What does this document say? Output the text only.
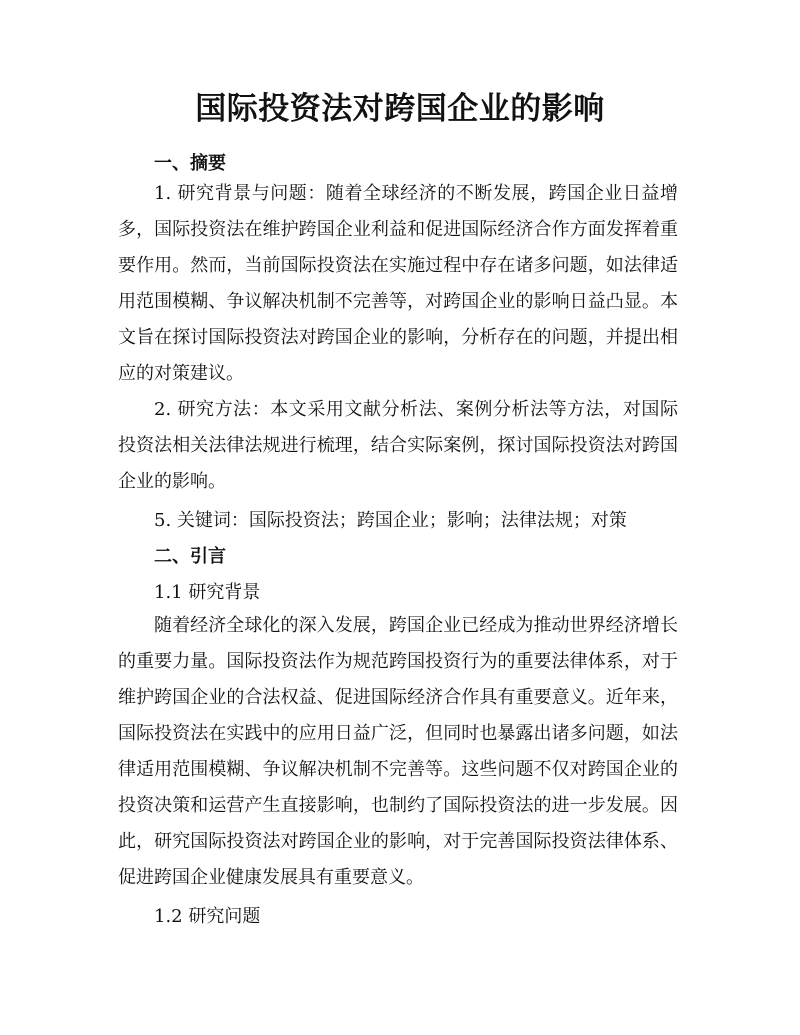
国际投资法对跨国企业的影响
一、摘要
1. 研究背景与问题：随着全球经济的不断发展，跨国企业日益增多，国际投资法在维护跨国企业利益和促进国际经济合作方面发挥着重要作用。然而，当前国际投资法在实施过程中存在诸多问题，如法律适用范围模糊、争议解决机制不完善等，对跨国企业的影响日益凸显。本文旨在探讨国际投资法对跨国企业的影响，分析存在的问题，并提出相应的对策建议。
2. 研究方法：本文采用文献分析法、案例分析法等方法，对国际投资法相关法律法规进行梳理，结合实际案例，探讨国际投资法对跨国企业的影响。
5. 关键词：国际投资法；跨国企业；影响；法律法规；对策
二、引言
1.1 研究背景
随着经济全球化的深入发展，跨国企业已经成为推动世界经济增长的重要力量。国际投资法作为规范跨国投资行为的重要法律体系，对于维护跨国企业的合法权益、促进国际经济合作具有重要意义。近年来，国际投资法在实践中的应用日益广泛，但同时也暴露出诸多问题，如法律适用范围模糊、争议解决机制不完善等。这些问题不仅对跨国企业的投资决策和运营产生直接影响，也制约了国际投资法的进一步发展。因此，研究国际投资法对跨国企业的影响，对于完善国际投资法律体系、促进跨国企业健康发展具有重要意义。
1.2 研究问题
